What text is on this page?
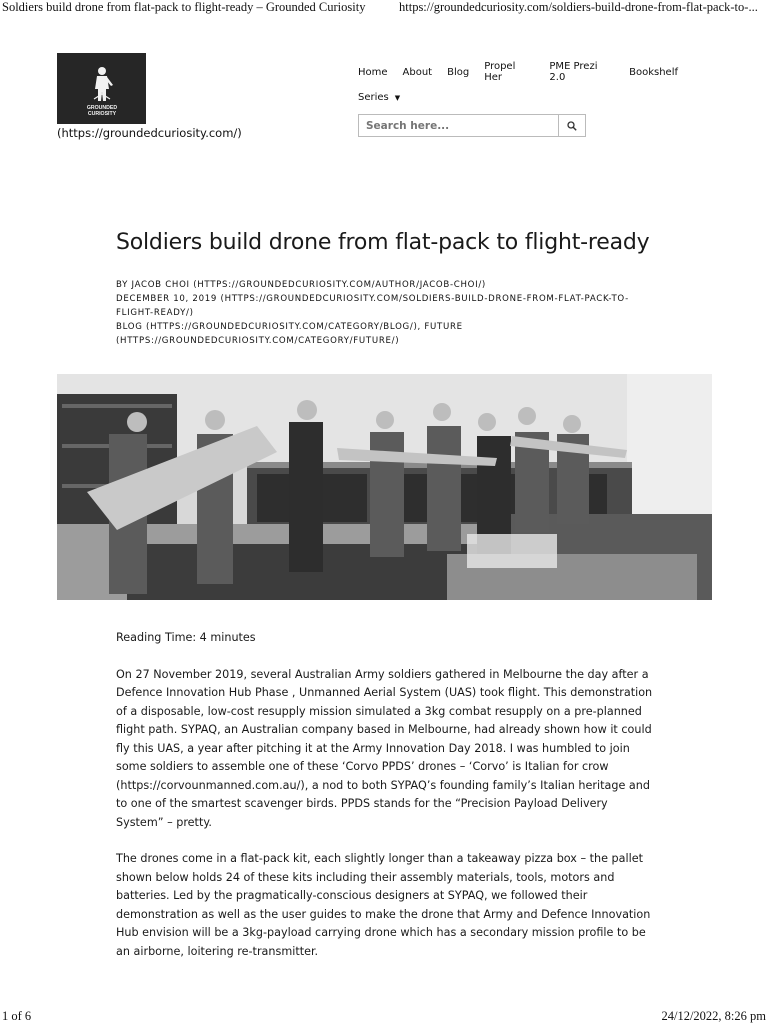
Soldiers build drone from flat-pack to flight-ready – Grounded Curiosity	https://groundedcuriosity.com/soldiers-build-drone-from-flat-pack-to-...
GROUNDED
CURIOSITY
(https://groundedcuriosity.com/)
Home About Blog Propel Her
PME Prezi 2.0	Bookshelf
Series ▼
Search here...
Soldiers build drone from flat-pack to flight-ready
BY JACOB CHOI (HTTPS://GROUNDEDCURIOSITY.COM/AUTHOR/JACOB-CHOI/)
DECEMBER 10, 2019 (HTTPS://GROUNDEDCURIOSITY.COM/SOLDIERS-BUILD-DRONE-FROM-FLAT-PACK-TO-FLIGHT-READY/)
BLOG (HTTPS://GROUNDEDCURIOSITY.COM/CATEGORY/BLOG/), FUTURE (HTTPS://GROUNDEDCURIOSITY.COM/CATEGORY/FUTURE/)

Reading Time: 4 minutes

On 27 November 2019, several Australian Army soldiers gathered in Melbourne the day after a Defence Innovation Hub Phase , Unmanned Aerial System (UAS) took flight. This demonstration of a disposable, low-cost resupply mission simulated a 3kg combat resupply on a pre-planned flight path. SYPAQ, an Australian company based in Melbourne, had already shown how it could fly this UAS, a year after pitching it at the Army Innovation Day 2018. I was humbled to join some soldiers to assemble one of these ‘Corvo PPDS’ drones – ‘Corvo’ is Italian for crow (https://corvounmanned.com.au/), a nod to both SYPAQ’s founding family’s Italian heritage and to one of the smartest scavenger birds. PPDS stands for the “Precision Payload Delivery System” – pretty.

The drones come in a flat-pack kit, each slightly longer than a takeaway pizza box – the pallet shown below holds 24 of these kits including their assembly materials, tools, motors and batteries. Led by the pragmatically-conscious designers at SYPAQ, we followed their demonstration as well as the user guides to make the drone that Army and Defence Innovation Hub envision will be a 3kg-payload carrying drone which has a secondary mission profile to be an airborne, loitering re-transmitter.

1 of 6	24/12/2022, 8:26 pm
